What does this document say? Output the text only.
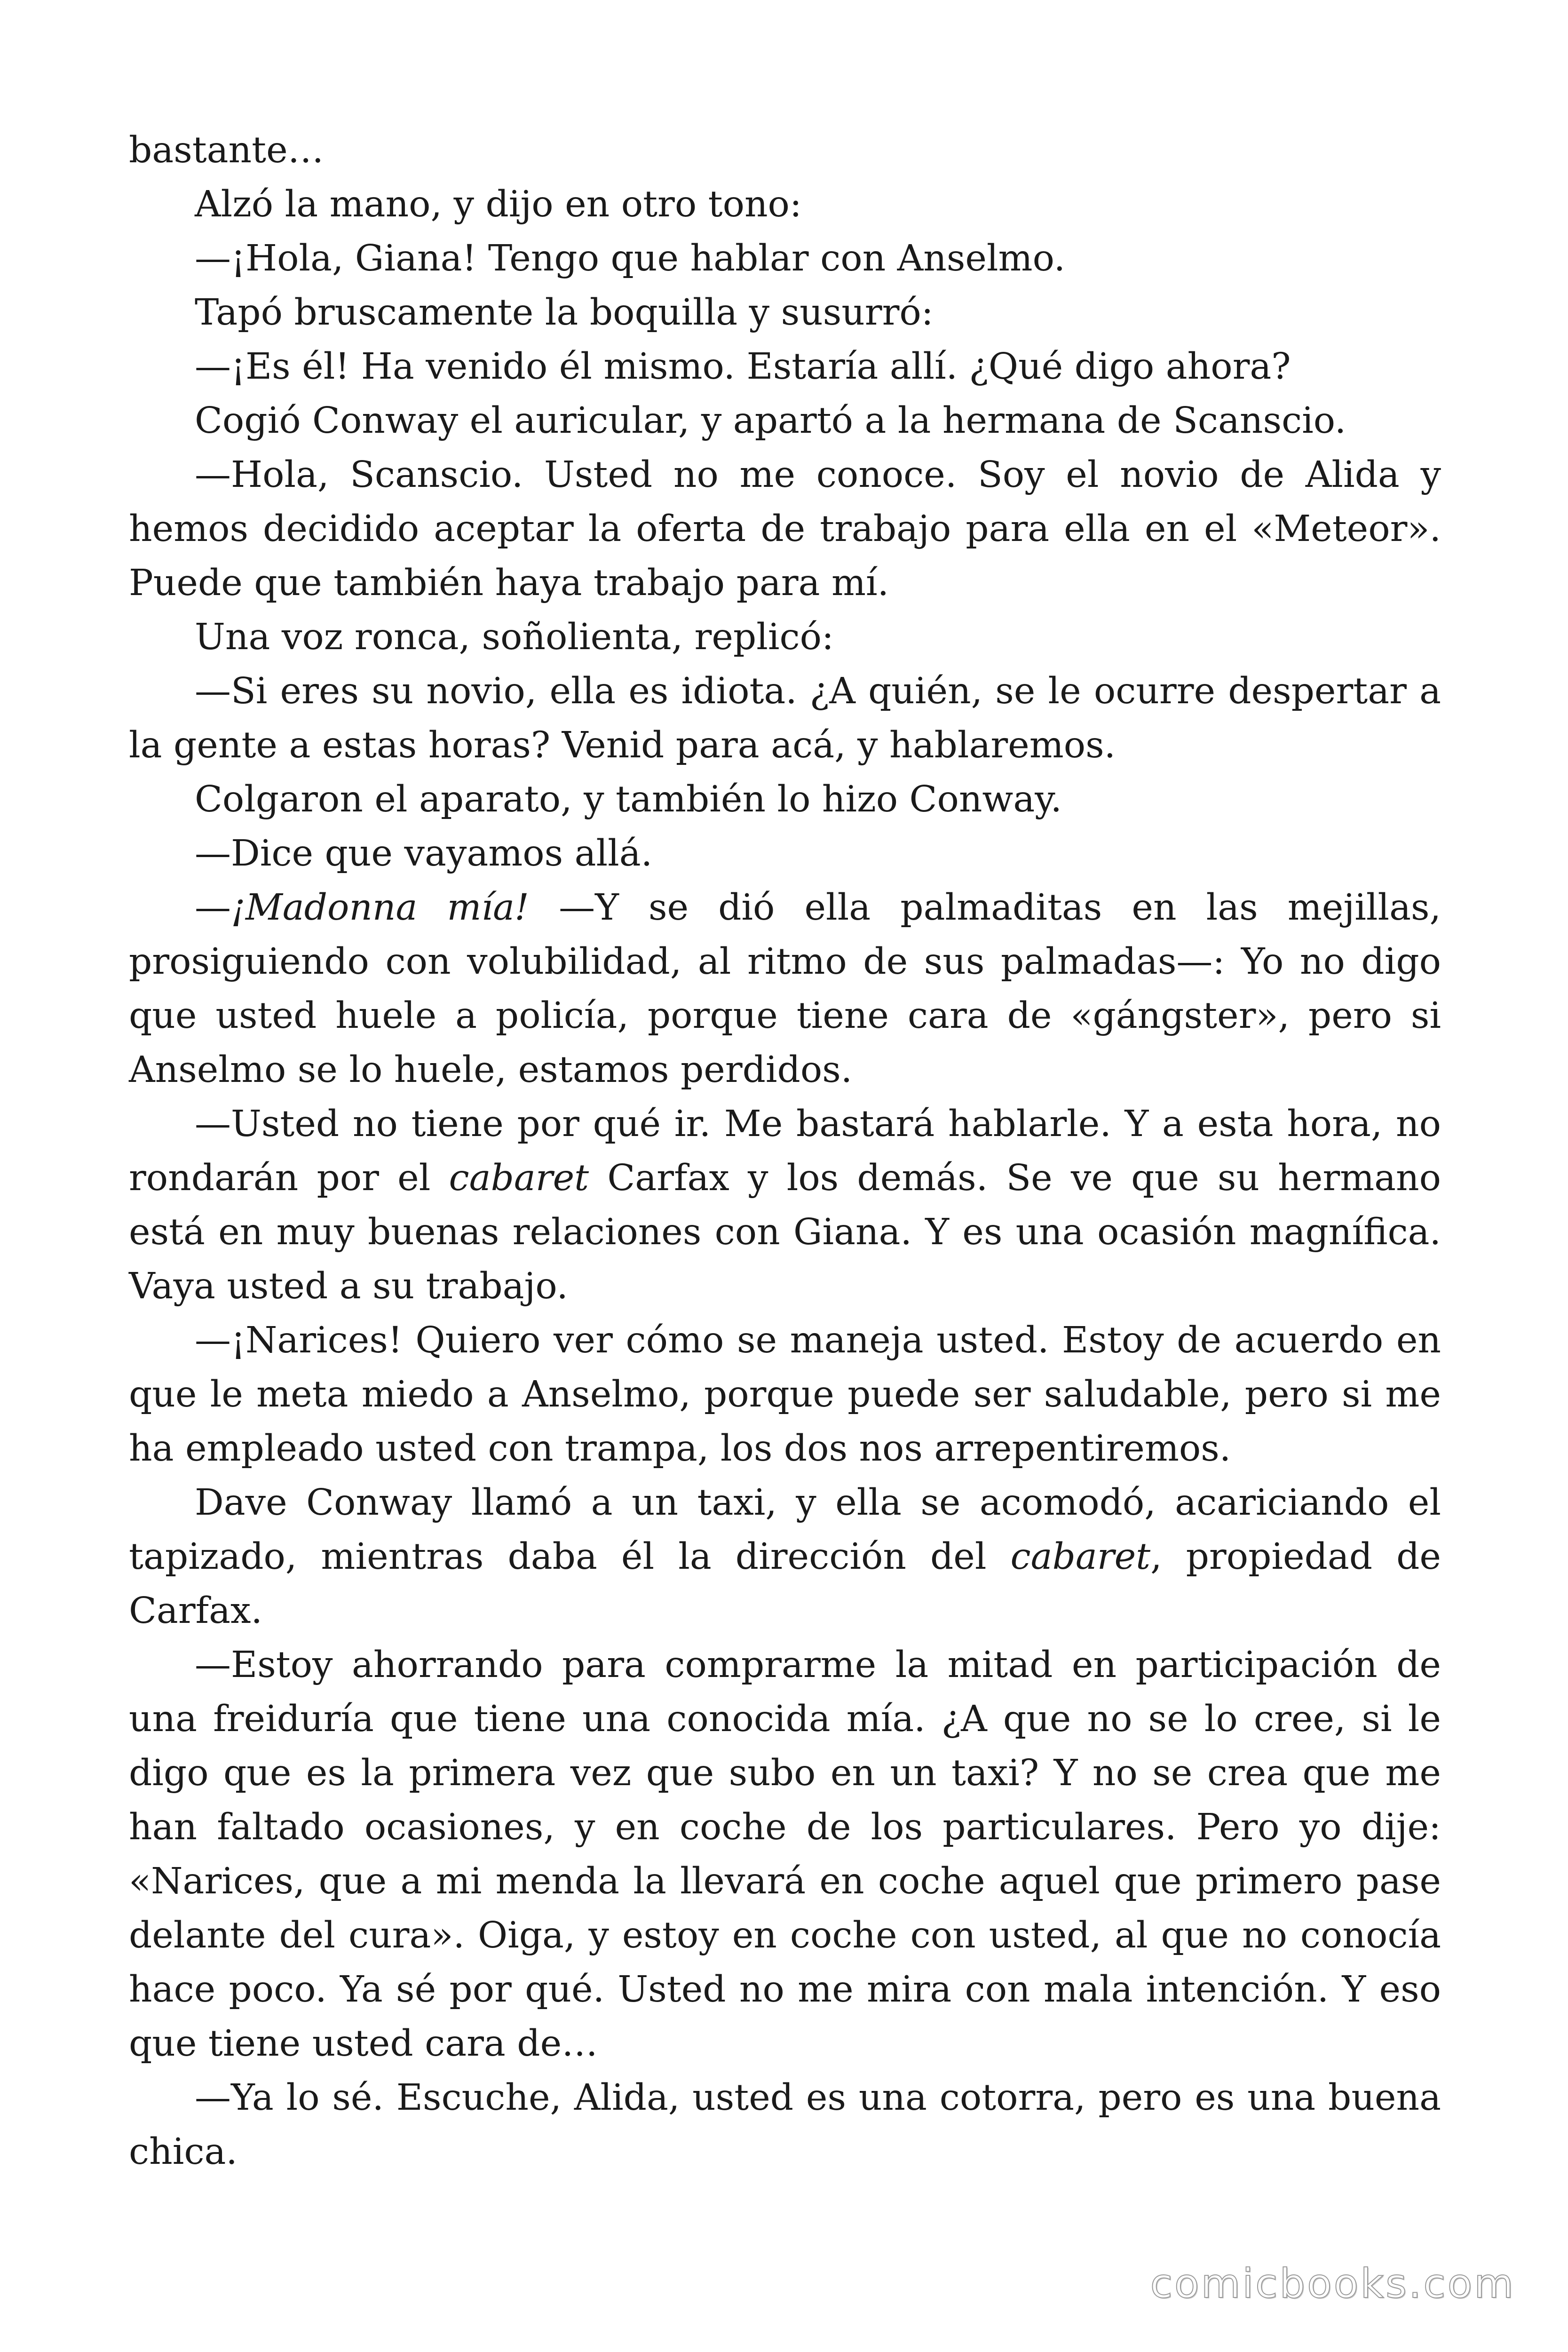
bastante…

Alzó la mano, y dijo en otro tono:

—¡Hola, Giana! Tengo que hablar con Anselmo.

Tapó bruscamente la boquilla y susurró:

—¡Es él! Ha venido él mismo. Estaría allí. ¿Qué digo ahora?

Cogió Conway el auricular, y apartó a la hermana de Scanscio.

—Hola, Scanscio. Usted no me conoce. Soy el novio de Alida y hemos decidido aceptar la oferta de trabajo para ella en el «Meteor». Puede que también haya trabajo para mí.

Una voz ronca, soñolienta, replicó:

—Si eres su novio, ella es idiota. ¿A quién, se le ocurre despertar a la gente a estas horas? Venid para acá, y hablaremos.

Colgaron el aparato, y también lo hizo Conway.

—Dice que vayamos allá.

—¡Madonna mía! —Y se dió ella palmaditas en las mejillas, prosiguiendo con volubilidad, al ritmo de sus palmadas—: Yo no digo que usted huele a policía, porque tiene cara de «gángster», pero si Anselmo se lo huele, estamos perdidos.

—Usted no tiene por qué ir. Me bastará hablarle. Y a esta hora, no rondarán por el cabaret Carfax y los demás. Se ve que su hermano está en muy buenas relaciones con Giana. Y es una ocasión magnífica. Vaya usted a su trabajo.

—¡Narices! Quiero ver cómo se maneja usted. Estoy de acuerdo en que le meta miedo a Anselmo, porque puede ser saludable, pero si me ha empleado usted con trampa, los dos nos arrepentiremos.

Dave Conway llamó a un taxi, y ella se acomodó, acariciando el tapizado, mientras daba él la dirección del cabaret, propiedad de Carfax.

—Estoy ahorrando para comprarme la mitad en participación de una freiduría que tiene una conocida mía. ¿A que no se lo cree, si le digo que es la primera vez que subo en un taxi? Y no se crea que me han faltado ocasiones, y en coche de los particulares. Pero yo dije: «Narices, que a mi menda la llevará en coche aquel que primero pase delante del cura». Oiga, y estoy en coche con usted, al que no conocía hace poco. Ya sé por qué. Usted no me mira con mala intención. Y eso que tiene usted cara de…

—Ya lo sé. Escuche, Alida, usted es una cotorra, pero es una buena chica.

comicbooks.com
